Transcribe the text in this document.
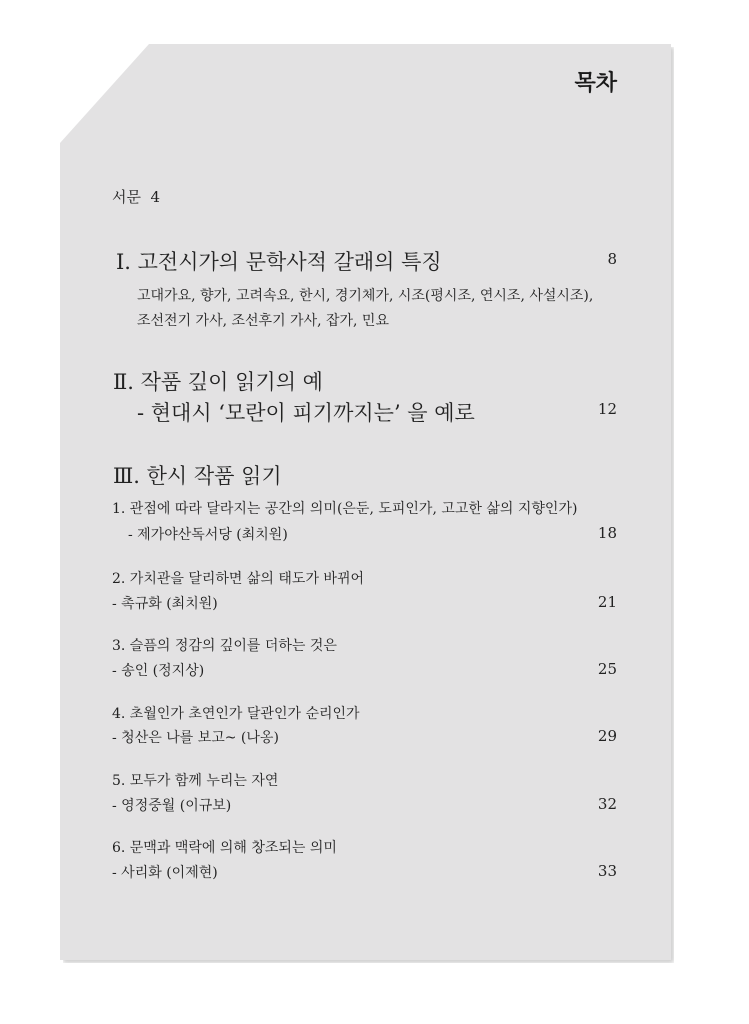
목차
서문  4
Ⅰ. 고전시가의 문학사적 갈래의 특징	8
고대가요, 향가, 고려속요, 한시, 경기체가, 시조(평시조, 연시조, 사설시조),
조선전기 가사, 조선후기 가사, 잡가, 민요
Ⅱ. 작품 깊이 읽기의 예
- 현대시 ‘모란이 피기까지는’ 을 예로	12
Ⅲ. 한시 작품 읽기
1. 관점에 따라 달라지는 공간의 의미(은둔, 도피인가, 고고한 삶의 지향인가)
- 제가야산독서당 (최치원)	18
2. 가치관을 달리하면 삶의 태도가 바뀌어
- 촉규화 (최치원)	21
3. 슬픔의 정감의 깊이를 더하는 것은
- 송인 (정지상)	25
4. 초월인가 초연인가 달관인가 순리인가
- 청산은 나를 보고~ (나옹)	29
5. 모두가 함께 누리는 자연
- 영정중월 (이규보)	32
6. 문맥과 맥락에 의해 창조되는 의미
- 사리화 (이제현)	33
